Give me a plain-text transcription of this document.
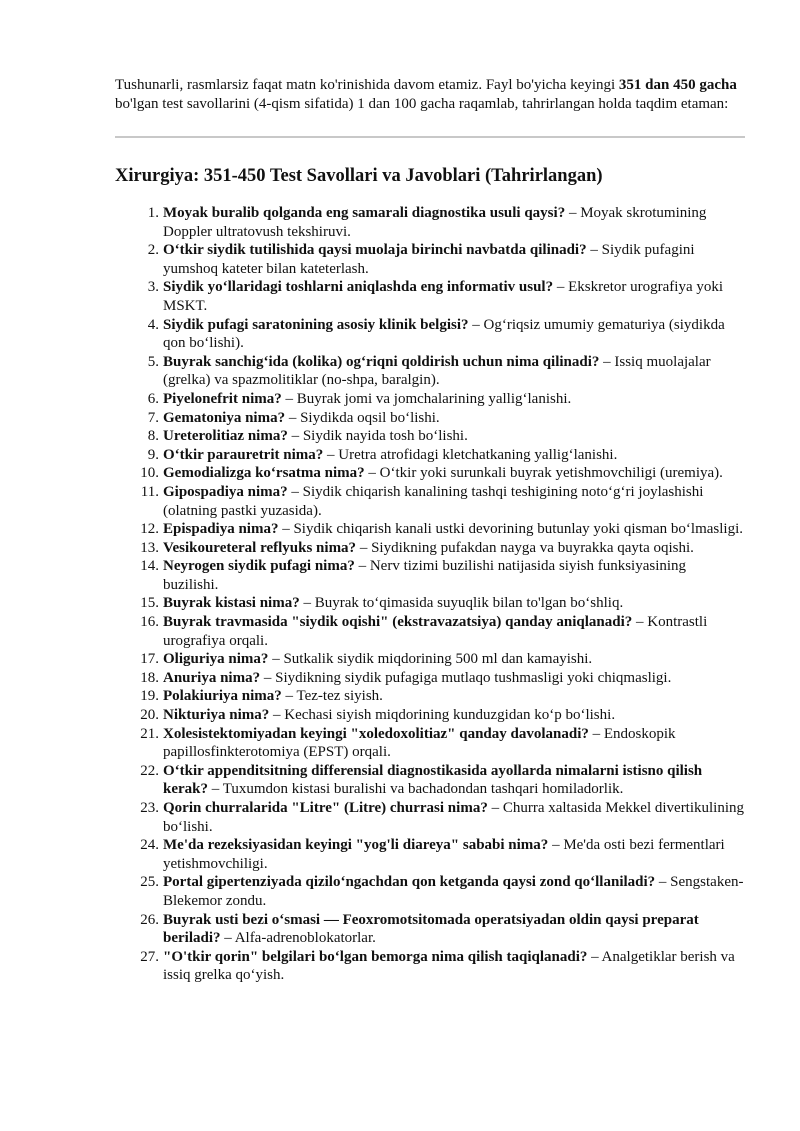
Tushunarli, rasmlarsiz faqat matn ko'rinishida davom etamiz. Fayl bo'yicha keyingi 351 dan 450 gacha bo'lgan test savollarini (4-qism sifatida) 1 dan 100 gacha raqamlab, tahrirlangan holda taqdim etaman:

Xirurgiya: 351-450 Test Savollari va Javoblari (Tahrirlangan)
1. Moyak buralib qolganda eng samarali diagnostika usuli qaysi? – Moyak skrotumining Doppler ultratovush tekshiruvi.
2. O‘tkir siydik tutilishida qaysi muolaja birinchi navbatda qilinadi? – Siydik pufagini yumshoq kateter bilan kateterlash.
3. Siydik yo‘llaridagi toshlarni aniqlashda eng informativ usul? – Ekskretor urografiya yoki MSKT.
4. Siydik pufagi saratonining asosiy klinik belgisi? – Og‘riqsiz umumiy gematuriya (siydikda qon bo‘lishi).
5. Buyrak sanchig‘ida (kolika) og‘riqni qoldirish uchun nima qilinadi? – Issiq muolajalar (grelka) va spazmolitiklar (no-shpa, baralgin).
6. Piyelonefrit nima? – Buyrak jomi va jomchalarining yallig‘lanishi.
7. Gematoniya nima? – Siydikda oqsil bo‘lishi.
8. Ureterolitiaz nima? – Siydik nayida tosh bo‘lishi.
9. O‘tkir parauretrit nima? – Uretra atrofidagi kletchatkaning yallig‘lanishi.
10. Gemodializga ko‘rsatma nima? – O‘tkir yoki surunkali buyrak yetishmovchiligi (uremiya).
11. Gipospadiya nima? – Siydik chiqarish kanalining tashqi teshigining noto‘g‘ri joylashishi (olatning pastki yuzasida).
12. Epispadiya nima? – Siydik chiqarish kanali ustki devorining butunlay yoki qisman bo‘lmasligi.
13. Vesikoureteral reflyuks nima? – Siydikning pufakdan nayga va buyrakka qayta oqishi.
14. Neyrogen siydik pufagi nima? – Nerv tizimi buzilishi natijasida siyish funksiyasining buzilishi.
15. Buyrak kistasi nima? – Buyrak to‘qimasida suyuqlik bilan to'lgan bo‘shliq.
16. Buyrak travmasida "siydik oqishi" (ekstravazatsiya) qanday aniqlanadi? – Kontrastli urografiya orqali.
17. Oliguriya nima? – Sutkalik siydik miqdorining 500 ml dan kamayishi.
18. Anuriya nima? – Siydikning siydik pufagiga mutlaqo tushmasligi yoki chiqmasligi.
19. Polakiuriya nima? – Tez-tez siyish.
20. Nikturiya nima? – Kechasi siyish miqdorining kunduzgidan ko‘p bo‘lishi.
21. Xolesistektomiyadan keyingi "xoledoxolitiaz" qanday davolanadi? – Endoskopik papillosfinkterotomiya (EPST) orqali.
22. O‘tkir appenditsitning differensial diagnostikasida ayollarda nimalarni istisno qilish kerak? – Tuxumdon kistasi buralishi va bachadondan tashqari homiladorlik.
23. Qorin churralarida "Litre" (Litre) churrasi nima? – Churra xaltasida Mekkel divertikulining bo‘lishi.
24. Me'da rezeksiyasidan keyingi "yog'li diareya" sababi nima? – Me'da osti bezi fermentlari yetishmovchiligi.
25. Portal gipertenziyada qizilo‘ngachdan qon ketganda qaysi zond qo‘llaniladi? – Sengstaken-Blekemor zondu.
26. Buyrak usti bezi o‘smasi — Feoxromotsitomada operatsiyadan oldin qaysi preparat beriladi? – Alfa-adrenoblokatorlar.
27. "O'tkir qorin" belgilari bo‘lgan bemorga nima qilish taqiqlanadi? – Analgetiklar berish va issiq grelka qo‘yish.
